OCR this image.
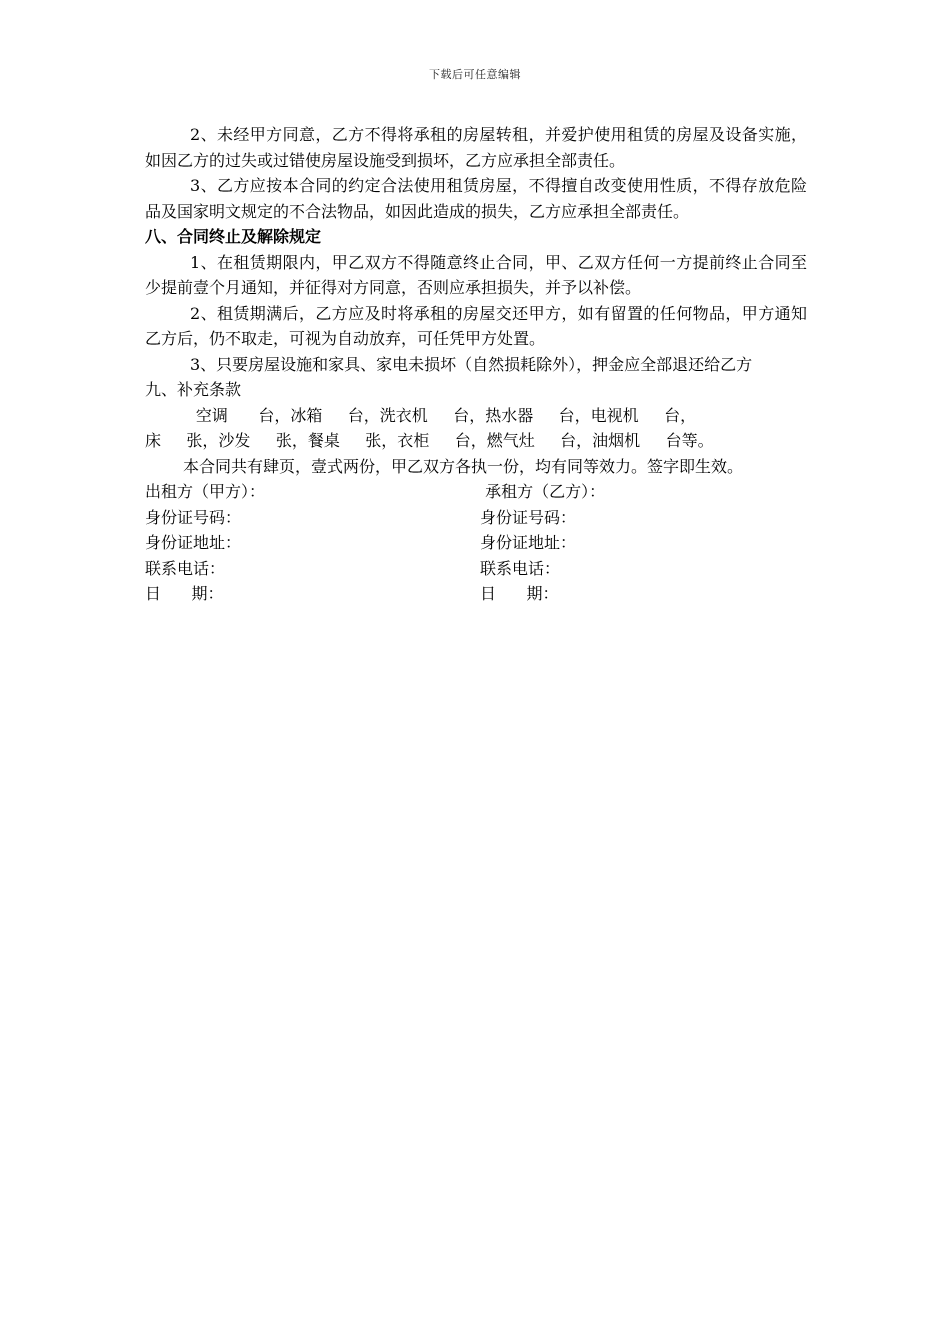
下载后可任意编辑

2、未经甲方同意，乙方不得将承租的房屋转租，并爱护使用租赁的房屋及设备实施，如因乙方的过失或过错使房屋设施受到损坏，乙方应承担全部责任。

3、乙方应按本合同的约定合法使用租赁房屋，不得擅自改变使用性质，不得存放危险品及国家明文规定的不合法物品，如因此造成的损失，乙方应承担全部责任。

八、合同终止及解除规定

1、在租赁期限内，甲乙双方不得随意终止合同，甲、乙双方任何一方提前终止合同至少提前壹个月通知，并征得对方同意，否则应承担损失，并予以补偿。

2、租赁期满后，乙方应及时将承租的房屋交还甲方，如有留置的任何物品，甲方通知乙方后，仍不取走，可视为自动放弃，可任凭甲方处置。

3、只要房屋设施和家具、家电未损坏（自然损耗除外），押金应全部退还给乙方

九、补充条款

空调      台，冰箱     台，洗衣机     台，热水器     台，电视机     台，

床     张，沙发     张，餐桌     张，衣柜     台，燃气灶     台，油烟机     台等。

本合同共有肆页，壹式两份，甲乙双方各执一份，均有同等效力。签字即生效。

出租方（甲方）：	承租方（乙方）：
身份证号码：	身份证号码：
身份证地址：	身份证地址：
联系电话：	联系电话：
日      期：	日      期：
